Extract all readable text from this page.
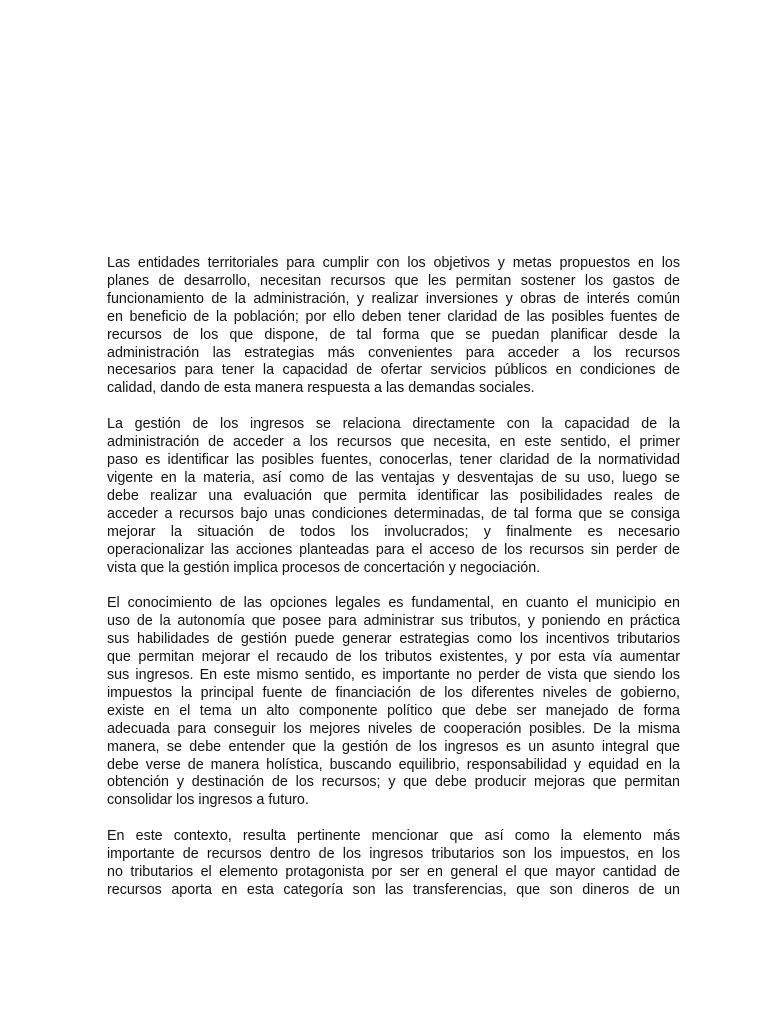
Las entidades territoriales para cumplir con los objetivos y metas propuestos en los
planes de desarrollo, necesitan recursos que les permitan sostener los gastos de
funcionamiento de la administración, y realizar inversiones y obras de interés común
en beneficio de la población; por ello deben tener claridad de las posibles fuentes de
recursos de los que dispone, de tal forma que se puedan planificar desde la
administración las estrategias más convenientes para acceder a los recursos
necesarios para tener la capacidad de ofertar servicios públicos en condiciones de
calidad, dando de esta manera respuesta a las demandas sociales.
La gestión de los ingresos se relaciona directamente con la capacidad de la
administración de acceder a los recursos que necesita, en este sentido, el primer
paso es identificar las posibles fuentes, conocerlas, tener claridad de la normatividad
vigente en la materia, así como de las ventajas y desventajas de su uso, luego se
debe realizar una evaluación que permita identificar las posibilidades reales de
acceder a recursos bajo unas condiciones determinadas, de tal forma que se consiga
mejorar la situación de todos los involucrados; y finalmente es necesario
operacionalizar las acciones planteadas para el acceso de los recursos sin perder de
vista que la gestión implica procesos de concertación y negociación.
El conocimiento de las opciones legales es fundamental, en cuanto el municipio en
uso de la autonomía que posee para administrar sus tributos, y poniendo en práctica
sus habilidades de gestión puede generar estrategias como los incentivos tributarios
que permitan mejorar el recaudo de los tributos existentes, y por esta vía aumentar
sus ingresos. En este mismo sentido, es importante no perder de vista que siendo los
impuestos la principal fuente de financiación de los diferentes niveles de gobierno,
existe en el tema un alto componente político que debe ser manejado de forma
adecuada para conseguir los mejores niveles de cooperación posibles. De la misma
manera, se debe entender que la gestión de los ingresos es un asunto integral que
debe verse de manera holística, buscando equilibrio, responsabilidad y equidad en la
obtención y destinación de los recursos; y que debe producir mejoras que permitan
consolidar los ingresos a futuro.
En este contexto, resulta pertinente mencionar que así como la elemento más
importante de recursos dentro de los ingresos tributarios son los impuestos, en los
no tributarios el elemento protagonista por ser en general el que mayor cantidad de
recursos aporta en esta categoría son las transferencias, que son dineros de un
